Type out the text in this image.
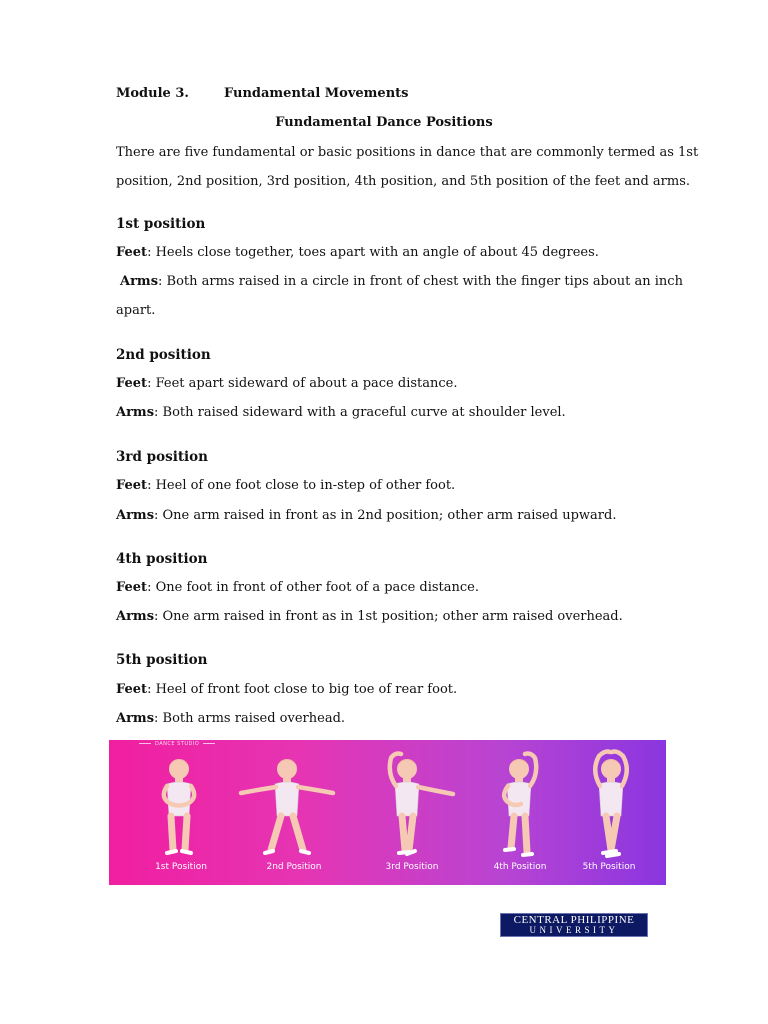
Module 3.	Fundamental Movements
Fundamental Dance Positions
There are five fundamental or basic positions in dance that are commonly termed as 1st
position, 2nd position, 3rd position, 4th position, and 5th position of the feet and arms.
1st position
Feet: Heels close together, toes apart with an angle of about 45 degrees.
Arms: Both arms raised in a circle in front of chest with the finger tips about an inch
apart.
2nd position
Feet: Feet apart sideward of about a pace distance.
Arms: Both raised sideward with a graceful curve at shoulder level.
3rd position
Feet: Heel of one foot close to in-step of other foot.
Arms: One arm raised in front as in 2nd position; other arm raised upward.
4th position
Feet: One foot in front of other foot of a pace distance.
Arms: One arm raised in front as in 1st position; other arm raised overhead.
5th position
Feet: Heel of front foot close to big toe of rear foot.
Arms: Both arms raised overhead.
DANCE STUDIO
1st Position	2nd Position	3rd Position	4th Position	5th Position
CENTRAL PHILIPPINE
UNIVERSITY
